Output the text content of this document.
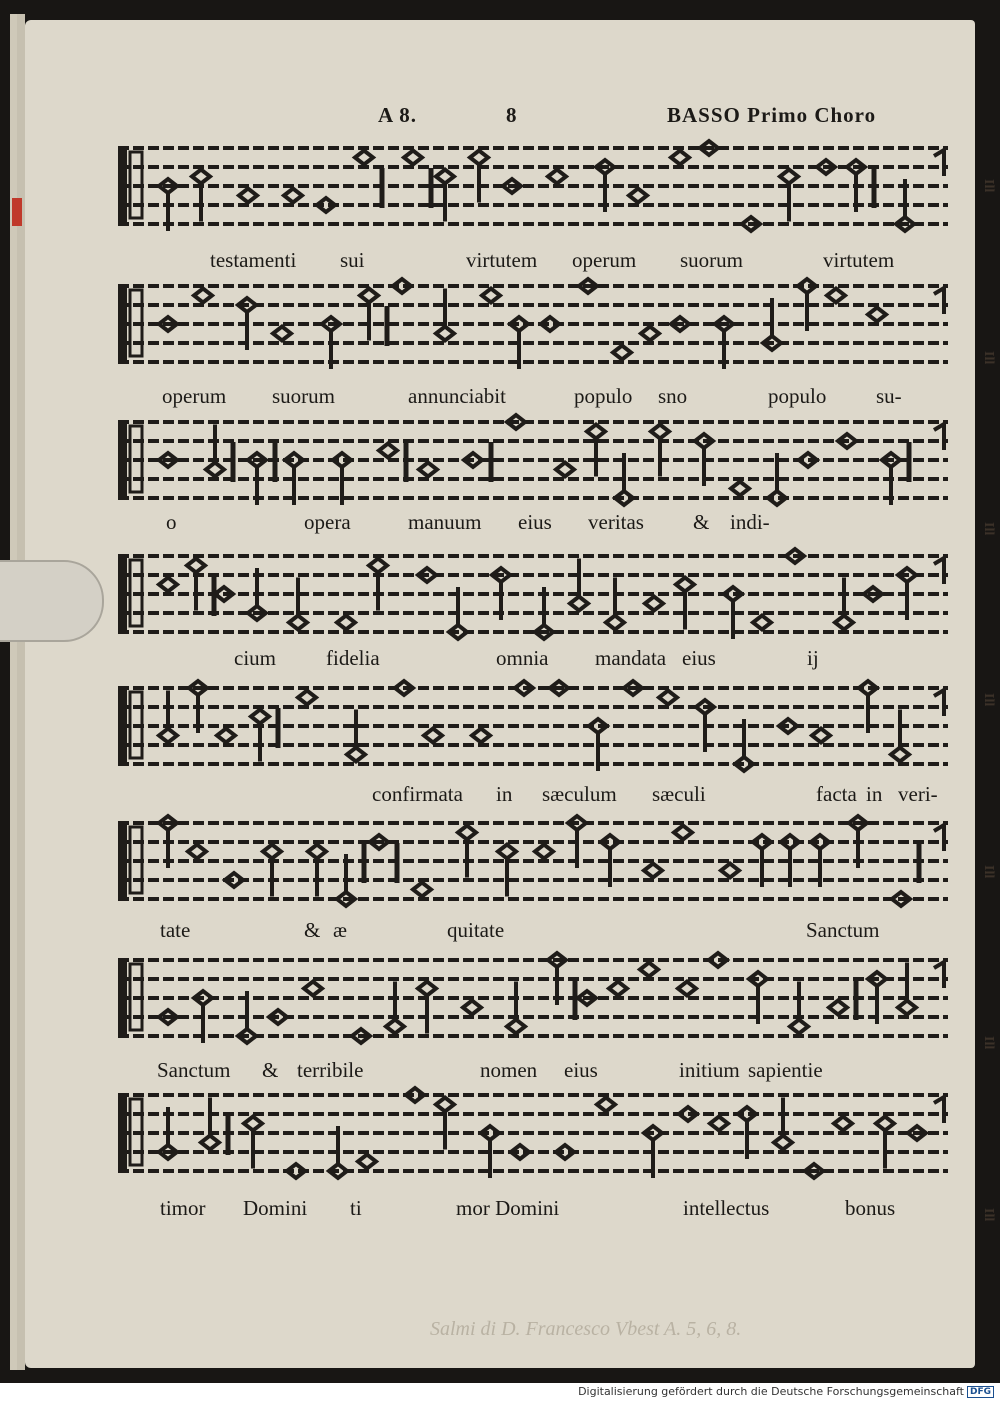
Salmi di D. Francesco Vbest A. 5, 6, 8.
A 8.	8	BASSO Primo Choro
Ill
Ill
Ill
Ill
Ill
Ill
Ill
testamenti sui	virtutem operum suorum	virtutem
operum suorum	annunciabit	populo sno	populo su-
o	opera	manuum eius veritas & indi-
cium fidelia	omnia mandata eius	ij
confirmata in sæculum sæculi	facta in veri-
tate	& æ	quitate	Sanctum
Sanctum & terribile	nomen eius	initium sapientie
timor Domini ti	mor Domini	intellectus	bonus
Digitalisierung gefördert durch die Deutsche Forschungsgemeinschaft DFG
